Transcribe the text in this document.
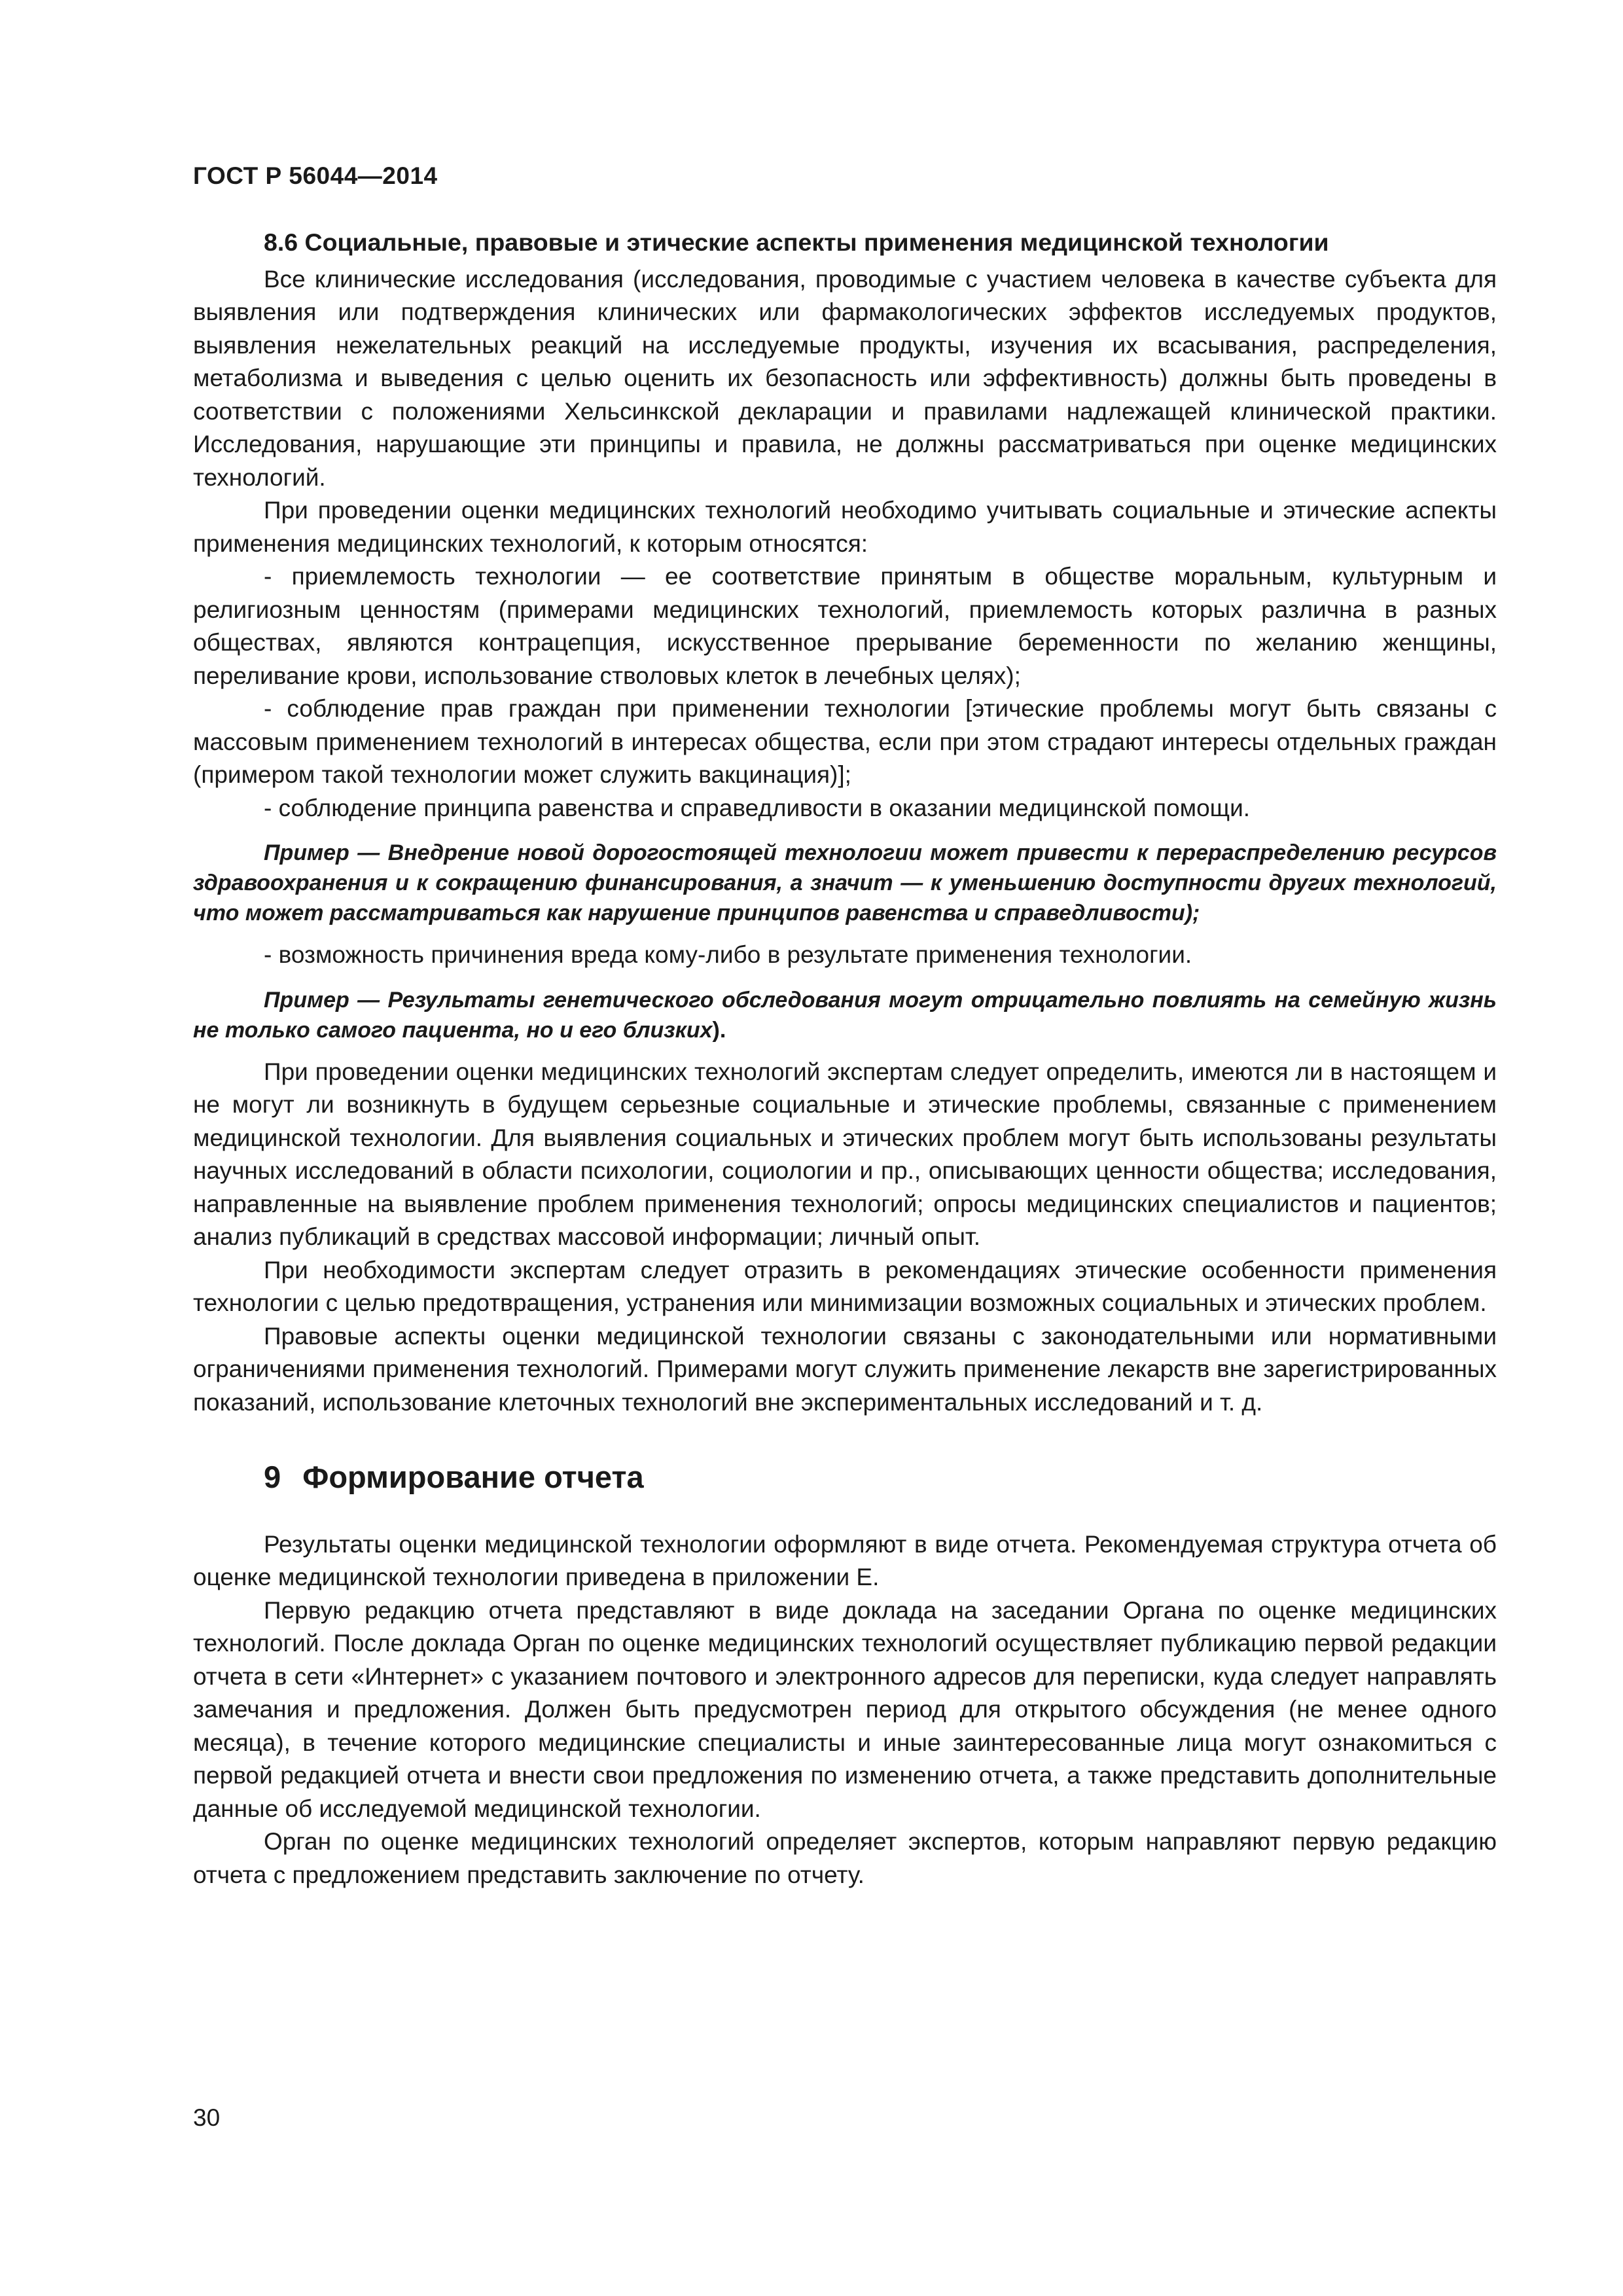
ГОСТ Р 56044—2014
8.6 Социальные, правовые и этические аспекты применения медицинской технологии

Все клинические исследования (исследования, проводимые с участием человека в качестве субъекта для выявления или подтверждения клинических или фармакологических эффектов исследуемых продуктов, выявления нежелательных реакций на исследуемые продукты, изучения их всасывания, распределения, метаболизма и выведения с целью оценить их безопасность или эффективность) должны быть проведены в соответствии с положениями Хельсинкской декларации и правилами надлежащей клинической практики. Исследования, нарушающие эти принципы и правила, не должны рассматриваться при оценке медицинских технологий.

При проведении оценки медицинских технологий необходимо учитывать социальные и этические аспекты применения медицинских технологий, к которым относятся:

- приемлемость технологии — ее соответствие принятым в обществе моральным, культурным и религиозным ценностям (примерами медицинских технологий, приемлемость которых различна в разных обществах, являются контрацепция, искусственное прерывание беременности по желанию женщины, переливание крови, использование стволовых клеток в лечебных целях);

- соблюдение прав граждан при применении технологии [этические проблемы могут быть связаны с массовым применением технологий в интересах общества, если при этом страдают интересы отдельных граждан (примером такой технологии может служить вакцинация)];

- соблюдение принципа равенства и справедливости в оказании медицинской помощи.

Пример — Внедрение новой дорогостоящей технологии может привести к перераспределению ресурсов здравоохранения и к сокращению финансирования, а значит — к уменьшению доступности других технологий, что может рассматриваться как нарушение принципов равенства и справедливости);

- возможность причинения вреда кому-либо в результате применения технологии.

Пример — Результаты генетического обследования могут отрицательно повлиять на семейную жизнь не только самого пациента, но и его близких).

При проведении оценки медицинских технологий экспертам следует определить, имеются ли в настоящем и не могут ли возникнуть в будущем серьезные социальные и этические проблемы, связанные с применением медицинской технологии. Для выявления социальных и этических проблем могут быть использованы результаты научных исследований в области психологии, социологии и пр., описывающих ценности общества; исследования, направленные на выявление проблем применения технологий; опросы медицинских специалистов и пациентов; анализ публикаций в средствах массовой информации; личный опыт.

При необходимости экспертам следует отразить в рекомендациях этические особенности применения технологии с целью предотвращения, устранения или минимизации возможных социальных и этических проблем.

Правовые аспекты оценки медицинской технологии связаны с законодательными или нормативными ограничениями применения технологий. Примерами могут служить применение лекарств вне зарегистрированных показаний, использование клеточных технологий вне экспериментальных исследований и т. д.

9 Формирование отчета

Результаты оценки медицинской технологии оформляют в виде отчета. Рекомендуемая структура отчета об оценке медицинской технологии приведена в приложении Е.

Первую редакцию отчета представляют в виде доклада на заседании Органа по оценке медицинских технологий. После доклада Орган по оценке медицинских технологий осуществляет публикацию первой редакции отчета в сети «Интернет» с указанием почтового и электронного адресов для переписки, куда следует направлять замечания и предложения. Должен быть предусмотрен период для открытого обсуждения (не менее одного месяца), в течение которого медицинские специалисты и иные заинтересованные лица могут ознакомиться с первой редакцией отчета и внести свои предложения по изменению отчета, а также представить дополнительные данные об исследуемой медицинской технологии.

Орган по оценке медицинских технологий определяет экспертов, которым направляют первую редакцию отчета с предложением представить заключение по отчету.

30
